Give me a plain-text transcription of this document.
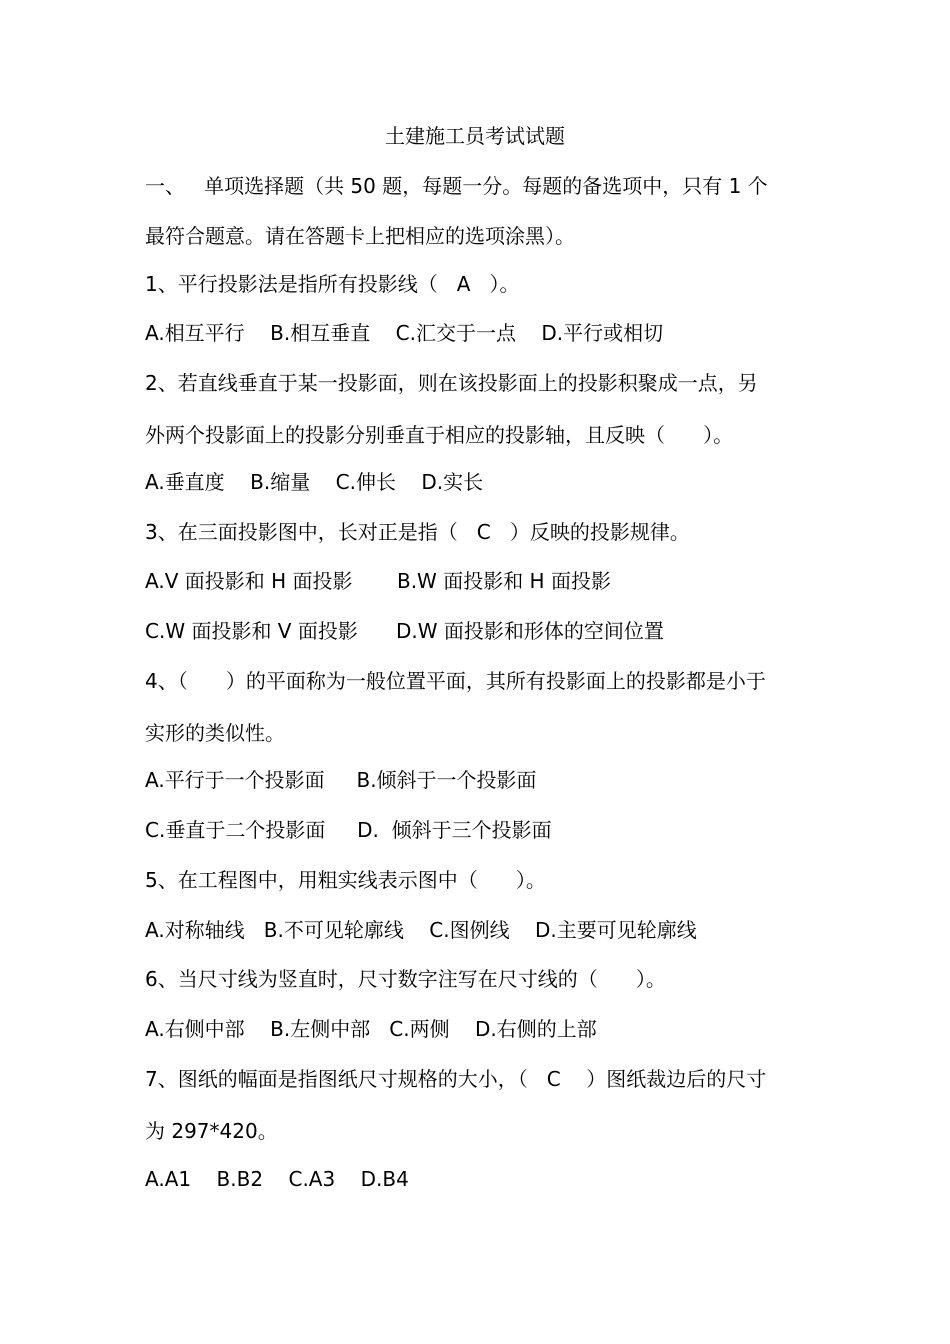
土建施工员考试试题
一、   单项选择题（共 50 题，每题一分。每题的备选项中，只有 1 个
最符合题意。请在答题卡上把相应的选项涂黑）。
1、平行投影法是指所有投影线（   A   ）。
A.相互平行    B.相互垂直    C.汇交于一点    D.平行或相切
2、若直线垂直于某一投影面，则在该投影面上的投影积聚成一点，另
外两个投影面上的投影分别垂直于相应的投影轴，且反映（      ）。
A.垂直度    B.缩量    C.伸长    D.实长
3、在三面投影图中，长对正是指（   C   ）反映的投影规律。
A.V 面投影和 H 面投影       B.W 面投影和 H 面投影
C.W 面投影和 V 面投影      D.W 面投影和形体的空间位置
4、（      ）的平面称为一般位置平面，其所有投影面上的投影都是小于
实形的类似性。
A.平行于一个投影面     B.倾斜于一个投影面
C.垂直于二个投影面     D.  倾斜于三个投影面
5、在工程图中，用粗实线表示图中（      ）。
A.对称轴线   B.不可见轮廓线    C.图例线    D.主要可见轮廓线
6、当尺寸线为竖直时，尺寸数字注写在尺寸线的（      ）。
A.右侧中部    B.左侧中部   C.两侧    D.右侧的上部
7、图纸的幅面是指图纸尺寸规格的大小，（   C    ）图纸裁边后的尺寸
为 297*420。
A.A1    B.B2    C.A3    D.B4
